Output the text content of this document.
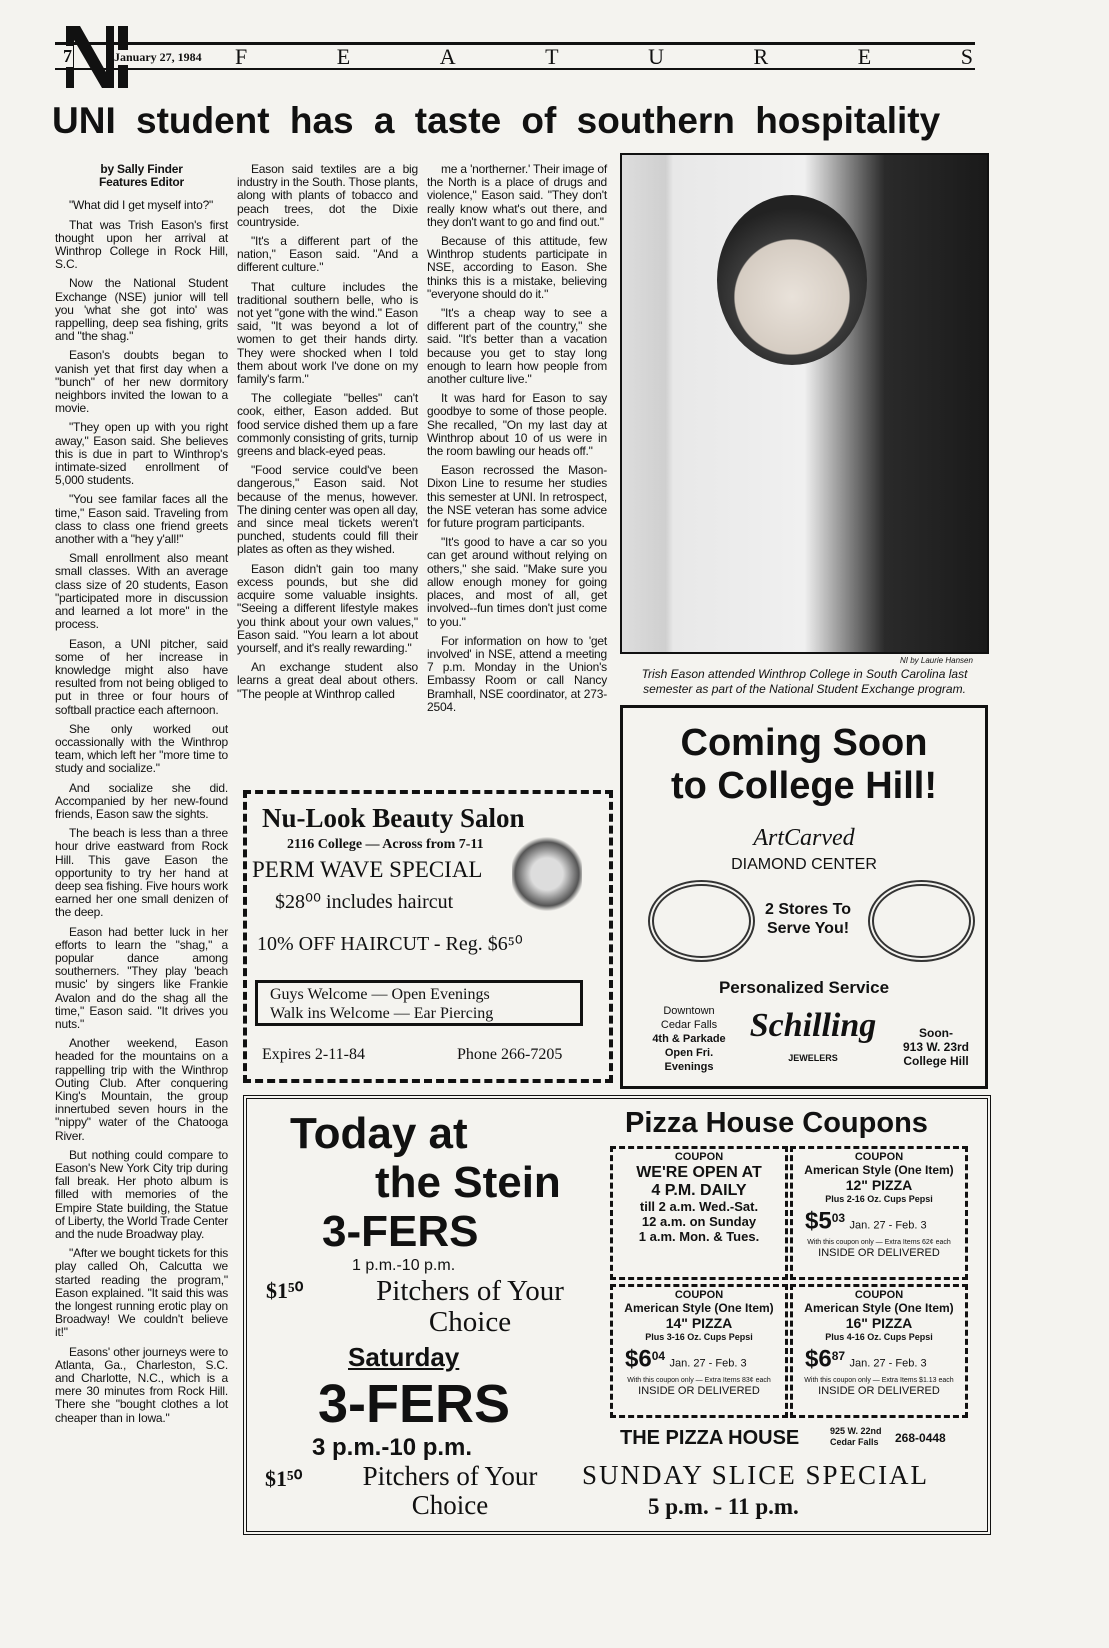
7	January 27, 1984 F	E	A	T	U	R	E	S
UNI student has a taste of southern hospitality
by Sally Finder
Features Editor

"What did I get myself into?"

That was Trish Eason's first thought upon her arrival at Winthrop College in Rock Hill, S.C.

Now the National Student Exchange (NSE) junior will tell you 'what she got into' was rappelling, deep sea fishing, grits and "the shag."

Eason's doubts began to vanish yet that first day when a "bunch" of her new dormitory neighbors invited the Iowan to a movie.

"They open up with you right away," Eason said. She believes this is due in part to Winthrop's intimate-sized enrollment of 5,000 students.

"You see familar faces all the time," Eason said. Traveling from class to class one friend greets another with a "hey y'all!"

Small enrollment also meant small classes. With an average class size of 20 students, Eason "participated more in discussion and learned a lot more" in the process.

Eason, a UNI pitcher, said some of her increase in knowledge might also have resulted from not being obliged to put in three or four hours of softball practice each afternoon.

She only worked out occassionally with the Winthrop team, which left her "more time to study and socialize."

And socialize she did. Accompanied by her new-found friends, Eason saw the sights.

The beach is less than a three hour drive eastward from Rock Hill. This gave Eason the opportunity to try her hand at deep sea fishing. Five hours work earned her one small denizen of the deep.

Eason had better luck in her efforts to learn the "shag," a popular dance among southerners. "They play 'beach music' by singers like Frankie Avalon and do the shag all the time," Eason said. "It drives you nuts."

Another weekend, Eason headed for the mountains on a rappelling trip with the Winthrop Outing Club. After conquering King's Mountain, the group innertubed seven hours in the "nippy" water of the Chatooga River.

But nothing could compare to Eason's New York City trip during fall break. Her photo album is filled with memories of the Empire State building, the Statue of Liberty, the World Trade Center and the nude Broadway play.

"After we bought tickets for this play called Oh, Calcutta we started reading the program," Eason explained. "It said this was the longest running erotic play on Broadway! We couldn't believe it!"

Easons' other journeys were to Atlanta, Ga., Charleston, S.C. and Charlotte, N.C., which is a mere 30 minutes from Rock Hill. There she "bought clothes a lot cheaper than in Iowa."

Eason said textiles are a big industry in the South. Those plants, along with plants of tobacco and peach trees, dot the Dixie countryside.

"It's a different part of the nation," Eason said. "And a different culture."

That culture includes the traditional southern belle, who is not yet "gone with the wind." Eason said, "It was beyond a lot of women to get their hands dirty. They were shocked when I told them about work I've done on my family's farm."

The collegiate "belles" can't cook, either, Eason added. But food service dished them up a fare commonly consisting of grits, turnip greens and black-eyed peas.

"Food service could've been dangerous," Eason said. Not because of the menus, however. The dining center was open all day, and since meal tickets weren't punched, students could fill their plates as often as they wished.

Eason didn't gain too many excess pounds, but she did acquire some valuable insights. "Seeing a different lifestyle makes you think about your own values," Eason said. "You learn a lot about yourself, and it's really rewarding."

An exchange student also learns a great deal about others. "The people at Winthrop called

me a 'northerner.' Their image of the North is a place of drugs and violence," Eason said. "They don't really know what's out there, and they don't want to go and find out."

Because of this attitude, few Winthrop students participate in NSE, according to Eason. She thinks this is a mistake, believing "everyone should do it."

"It's a cheap way to see a different part of the country," she said. "It's better than a vacation because you get to stay long enough to learn how people from another culture live."

It was hard for Eason to say goodbye to some of those people. She recalled, "On my last day at Winthrop about 10 of us were in the room bawling our heads off."

Eason recrossed the Mason-Dixon Line to resume her studies this semester at UNI. In retrospect, the NSE veteran has some advice for future program participants.

"It's good to have a car so you can get around without relying on others," she said. "Make sure you allow enough money for going places, and most of all, get involved--fun times don't just come to you."

For information on how to 'get involved' in NSE, attend a meeting 7 p.m. Monday in the Union's Embassy Room or call Nancy Bramhall, NSE coordinator, at 273-2504.

NI by Laurie Hansen
Trish Eason attended Winthrop College in South Carolina last semester as part of the National Student Exchange program.
Nu-Look Beauty Salon
2116 College — Across from 7-11
PERM WAVE SPECIAL
$28⁰⁰ includes haircut
10% OFF HAIRCUT - Reg. $6⁵⁰
Guys Welcome — Open Evenings
Walk ins Welcome — Ear Piercing
Expires 2-11-84	Phone 266-7205
Coming Soon
to College Hill!
ArtCarved
DIAMOND CENTER
2 Stores To Serve You!
Personalized Service
Downtown
Cedar Falls
4th & Parkade
Open Fri.
Evenings
Schilling
JEWELERS
Soon-
913 W. 23rd
College Hill
Today at
the Stein
3-FERS
1 p.m.-10 p.m.
$1⁵⁰	Pitchers of Your Choice
Saturday
3-FERS
3 p.m.-10 p.m.
$1⁵⁰	Pitchers of Your Choice
Pizza House Coupons
COUPON
WE'RE OPEN AT
4 P.M. DAILY
till 2 a.m. Wed.-Sat.
12 a.m. on Sunday
1 a.m. Mon. & Tues.
COUPON
American Style (One Item)
12" PIZZA
Plus 2-16 Oz. Cups Pepsi
$\$5^{03}$ Jan. 27 - Feb. 3
With this coupon only — Extra Items 62¢ each
INSIDE OR DELIVERED
COUPON
American Style (One Item)
14" PIZZA
Plus 3-16 Oz. Cups Pepsi
$\$6^{04}$ Jan. 27 - Feb. 3
With this coupon only — Extra Items 83¢ each
INSIDE OR DELIVERED
COUPON
American Style (One Item)
16" PIZZA
Plus 4-16 Oz. Cups Pepsi
$\$6^{87}$ Jan. 27 - Feb. 3
With this coupon only — Extra Items $1.13 each
INSIDE OR DELIVERED
THE PIZZA HOUSE	925 W. 22nd
Cedar Falls 268-0448
SUNDAY SLICE SPECIAL
5 p.m. - 11 p.m.
